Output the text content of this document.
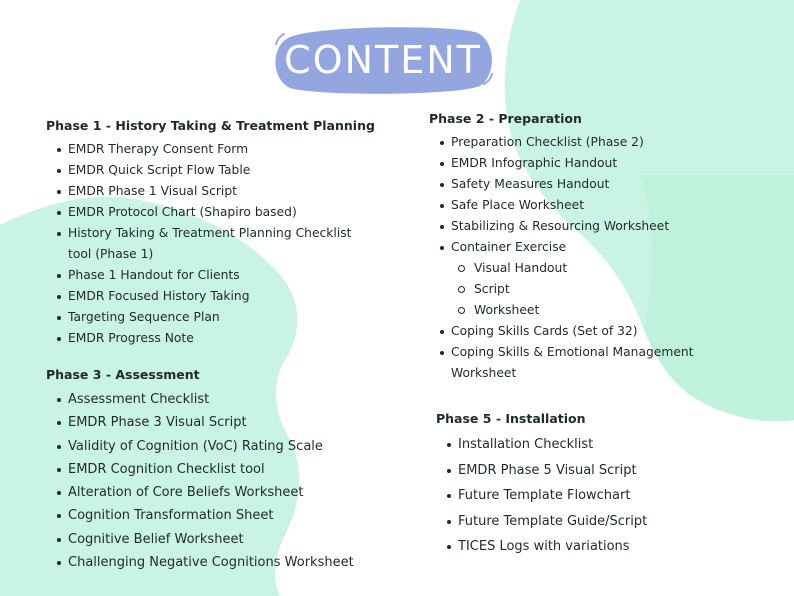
CONTENT
Phase 1 - History Taking & Treatment Planning
EMDR Therapy Consent Form
EMDR Quick Script Flow Table
EMDR Phase 1 Visual Script
EMDR Protocol Chart (Shapiro based)
History Taking & Treatment Planning Checklist tool (Phase 1)
Phase 1 Handout for Clients
EMDR Focused History Taking
Targeting Sequence Plan
EMDR Progress Note
Phase 2 - Preparation
Preparation Checklist (Phase 2)
EMDR Infographic Handout
Safety Measures Handout
Safe Place Worksheet
Stabilizing & Resourcing Worksheet
Container Exercise
Visual Handout
Script
Worksheet
Coping Skills Cards (Set of 32)
Coping Skills & Emotional Management Worksheet
Phase 3 - Assessment
Assessment Checklist
EMDR Phase 3 Visual Script
Validity of Cognition (VoC) Rating Scale
EMDR Cognition Checklist tool
Alteration of Core Beliefs Worksheet
Cognition Transformation Sheet
Cognitive Belief Worksheet
Challenging Negative Cognitions Worksheet
Phase 5 - Installation
Installation Checklist
EMDR Phase 5 Visual Script
Future Template Flowchart
Future Template Guide/Script
TICES Logs with variations
